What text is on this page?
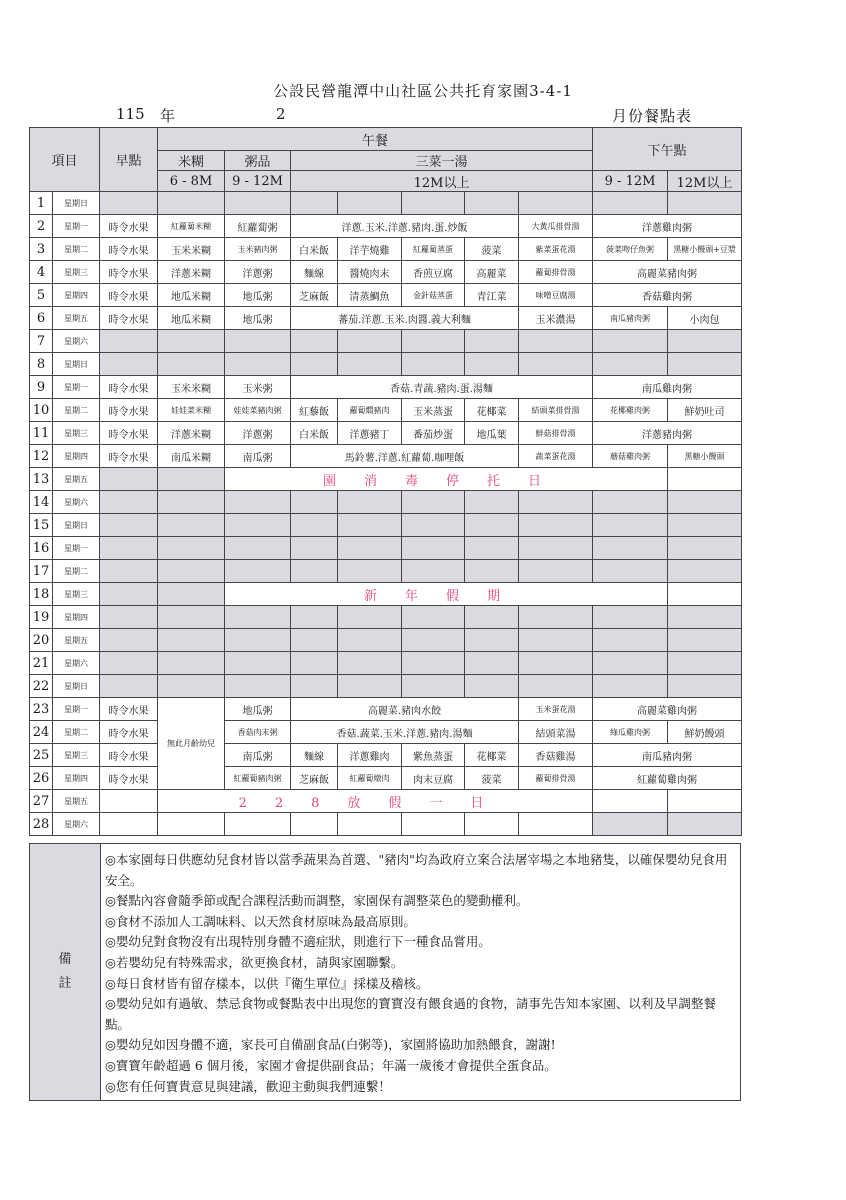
公設民營龍潭中山社區公共托育家園3-4-1
115 年	2	月份餐點表
項目		早點	午餐							下午點		
			米糊	粥品	三菜一湯							
			6 - 8M	9 - 12M	12M以上					9 - 12M	12M以上	
1	星期日											
2	星期一	時令水果	紅蘿蔔米糊	紅蘿蔔粥	洋蔥.玉米.洋蔥.豬肉.蛋.炒飯				大黃瓜排骨湯	洋蔥雞肉粥		
3	星期二	時令水果	玉米米糊	玉米豬肉粥	白米飯	洋芋燒雞	紅蘿蔔蒸蛋	菠菜	紫菜蛋花湯	菠菜吻仔魚粥	黑糖小饅頭+豆漿	
4	星期三	時令水果	洋蔥米糊	洋蔥粥	麵線	醬燒肉末	香煎豆腐	高麗菜	蘿蔔排骨湯	高麗菜豬肉粥		
5	星期四	時令水果	地瓜米糊	地瓜粥	芝麻飯	清蒸鯛魚	金針菇蒸蛋	青江菜	味噌豆腐湯	香菇雞肉粥		
6	星期五	時令水果	地瓜米糊	地瓜粥	蕃茄.洋蔥.玉米.肉醬.義大利麵				玉米濃湯	南瓜豬肉粥	小肉包	
7	星期六											
8	星期日											
9	星期一	時令水果	玉米米糊	玉米粥	香菇.青蔬.豬肉.蛋.湯麵					南瓜雞肉粥		
10	星期二	時令水果	娃娃菜米糊	娃娃菜豬肉粥	紅藜飯	蘿蔔燜豬肉	玉米蒸蛋	花椰菜	結頭菜排骨湯	花椰雞肉粥	鮮奶吐司	
11	星期三	時令水果	洋蔥米糊	洋蔥粥	白米飯	洋蔥豬丁	番茄炒蛋	地瓜葉	鮮菇排骨湯	洋蔥豬肉粥		
12	星期四	時令水果	南瓜米糊	南瓜粥	馬鈴薯.洋蔥.紅蘿蔔.咖哩飯				蔬菜蛋花湯	蘑菇雞肉粥	黑糖小饅頭	
13	星期五			園消毒停托日								
14	星期六											
15	星期日											
16	星期一											
17	星期二											
18	星期三			新年假期								
19	星期四											
20	星期五											
21	星期六											
22	星期日											
23	星期一	時令水果	無此月齡幼兒	地瓜粥	高麗菜.豬肉水餃				玉米蛋花湯	高麗菜雞肉粥		
24	星期二	時令水果		香菇肉末粥	香菇.蔬菜.玉米.洋蔥.豬肉.湯麵				結頭菜湯	綠瓜雞肉粥	鮮奶饅頭	
25	星期三	時令水果		南瓜粥	麵線	洋蔥雞肉	紫魚蒸蛋	花椰菜	香菇雞湯	南瓜豬肉粥		
26	星期四	時令水果		紅蘿蔔豬肉粥	芝麻飯	紅蘿蔔燉肉	肉末豆腐	菠菜	蘿蔔排骨湯	紅蘿蔔雞肉粥		
27	星期五		228放假一日									
28	星期六											
備
註
◎本家園每日供應幼兒食材皆以當季蔬果為首選、"豬肉"均為政府立案合法屠宰場之本地豬隻，以確保嬰幼兒食用安全。
◎餐點內容會隨季節或配合課程活動而調整，家園保有調整菜色的變動權利。
◎食材不添加人工調味料、以天然食材原味為最高原則。
◎嬰幼兒對食物沒有出現特別身體不適症狀，則進行下一種食品嘗用。
◎若嬰幼兒有特殊需求，欲更換食材，請與家園聯繫。
◎每日食材皆有留存樣本，以供『衛生單位』採樣及稽核。
◎嬰幼兒如有過敏、禁忌食物或餐點表中出現您的寶寶沒有餵食過的食物，請事先告知本家園、以利及早調整餐點。
◎嬰幼兒如因身體不適，家長可自備副食品(白粥等)，家園將協助加熱餵食，謝謝!
◎寶寶年齡超過 6 個月後，家園才會提供副食品；年滿一歲後才會提供全蛋食品。
◎您有任何寶貴意見與建議，歡迎主動與我們連繫！
